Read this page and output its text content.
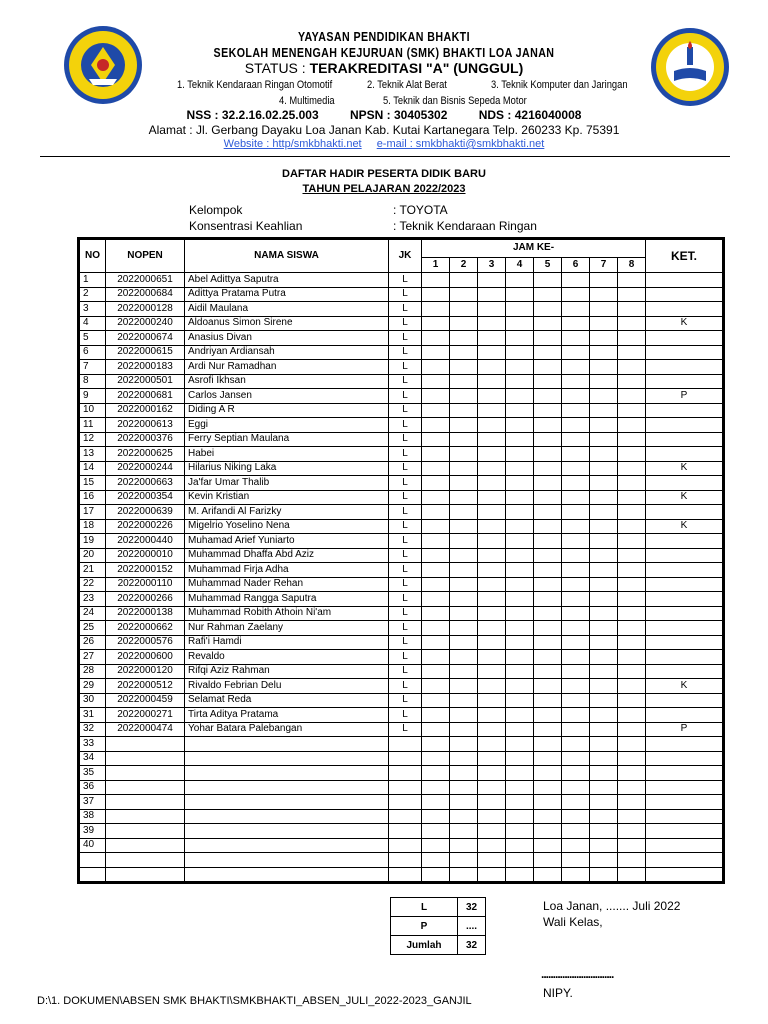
YAYASAN PENDIDIKAN BHAKTI
SEKOLAH MENENGAH KEJURUAN (SMK) BHAKTI LOA JANAN
STATUS : TERAKREDITASI "A" (UNGGUL)
1. Teknik Kendaraan Ringan Otomotif	2. Teknik Alat Berat	3. Teknik Komputer dan Jaringan
4. Multimedia	5. Teknik dan Bisnis Sepeda Motor
NSS : 32.2.16.02.25.003	NPSN : 30405302	NDS : 4216040008
Alamat : Jl. Gerbang Dayaku Loa Janan Kab. Kutai Kartanegara Telp. 260233 Kp. 75391
Website : http/smkbhakti.net e-mail : smkbhakti@smkbhakti.net
DAFTAR HADIR PESERTA DIDIK BARU
TAHUN PELAJARAN 2022/2023
Kelompok	: TOYOTA
Konsentrasi Keahlian	: Teknik Kendaraan Ringan
NO	NOPEN	NAMA SISWA	JK	JAM KE-								KET.
				1	2	3	4	5	6	7	8	
1	2022000651	Abel Adittya Saputra	L									
2	2022000684	Adittya Pratama Putra	L									
3	2022000128	Aidil Maulana	L									
4	2022000240	Aldoanus Simon Sirene	L									K
5	2022000674	Anasius Divan	L									
6	2022000615	Andriyan Ardiansah	L									
7	2022000183	Ardi Nur Ramadhan	L									
8	2022000501	Asrofi Ikhsan	L									
9	2022000681	Carlos Jansen	L									P
10	2022000162	Diding A R	L									
11	2022000613	Eggi	L									
12	2022000376	Ferry Septian Maulana	L									
13	2022000625	Habei	L									
14	2022000244	Hilarius Niking Laka	L									K
15	2022000663	Ja'far Umar Thalib	L									
16	2022000354	Kevin Kristian	L									K
17	2022000639	M. Arifandi Al Farizky	L									
18	2022000226	Migelrio Yoselino Nena	L									K
19	2022000440	Muhamad Arief Yuniarto	L									
20	2022000010	Muhammad Dhaffa Abd Aziz	L									
21	2022000152	Muhammad Firja Adha	L									
22	2022000110	Muhammad Nader Rehan	L									
23	2022000266	Muhammad Rangga Saputra	L									
24	2022000138	Muhammad Robith Athoin Ni'am	L									
25	2022000662	Nur Rahman Zaelany	L									
26	2022000576	Rafi'i Hamdi	L									
27	2022000600	Revaldo	L									
28	2022000120	Rifqi Aziz Rahman	L									
29	2022000512	Rivaldo Febrian Delu	L									K
30	2022000459	Selamat Reda	L									
31	2022000271	Tirta Aditya Pratama	L									
32	2022000474	Yohar Batara Palebangan	L									P
33												
34												
35												
36												
37												
38												
39												
40												

L	32
P	....
Jumlah	32
Loa Janan, ....... Juli 2022
Wali Kelas,
...............................
NIPY.
D:\1. DOKUMEN\ABSEN SMK BHAKTI\SMKBHAKTI_ABSEN_JULI_2022-2023_GANJIL
